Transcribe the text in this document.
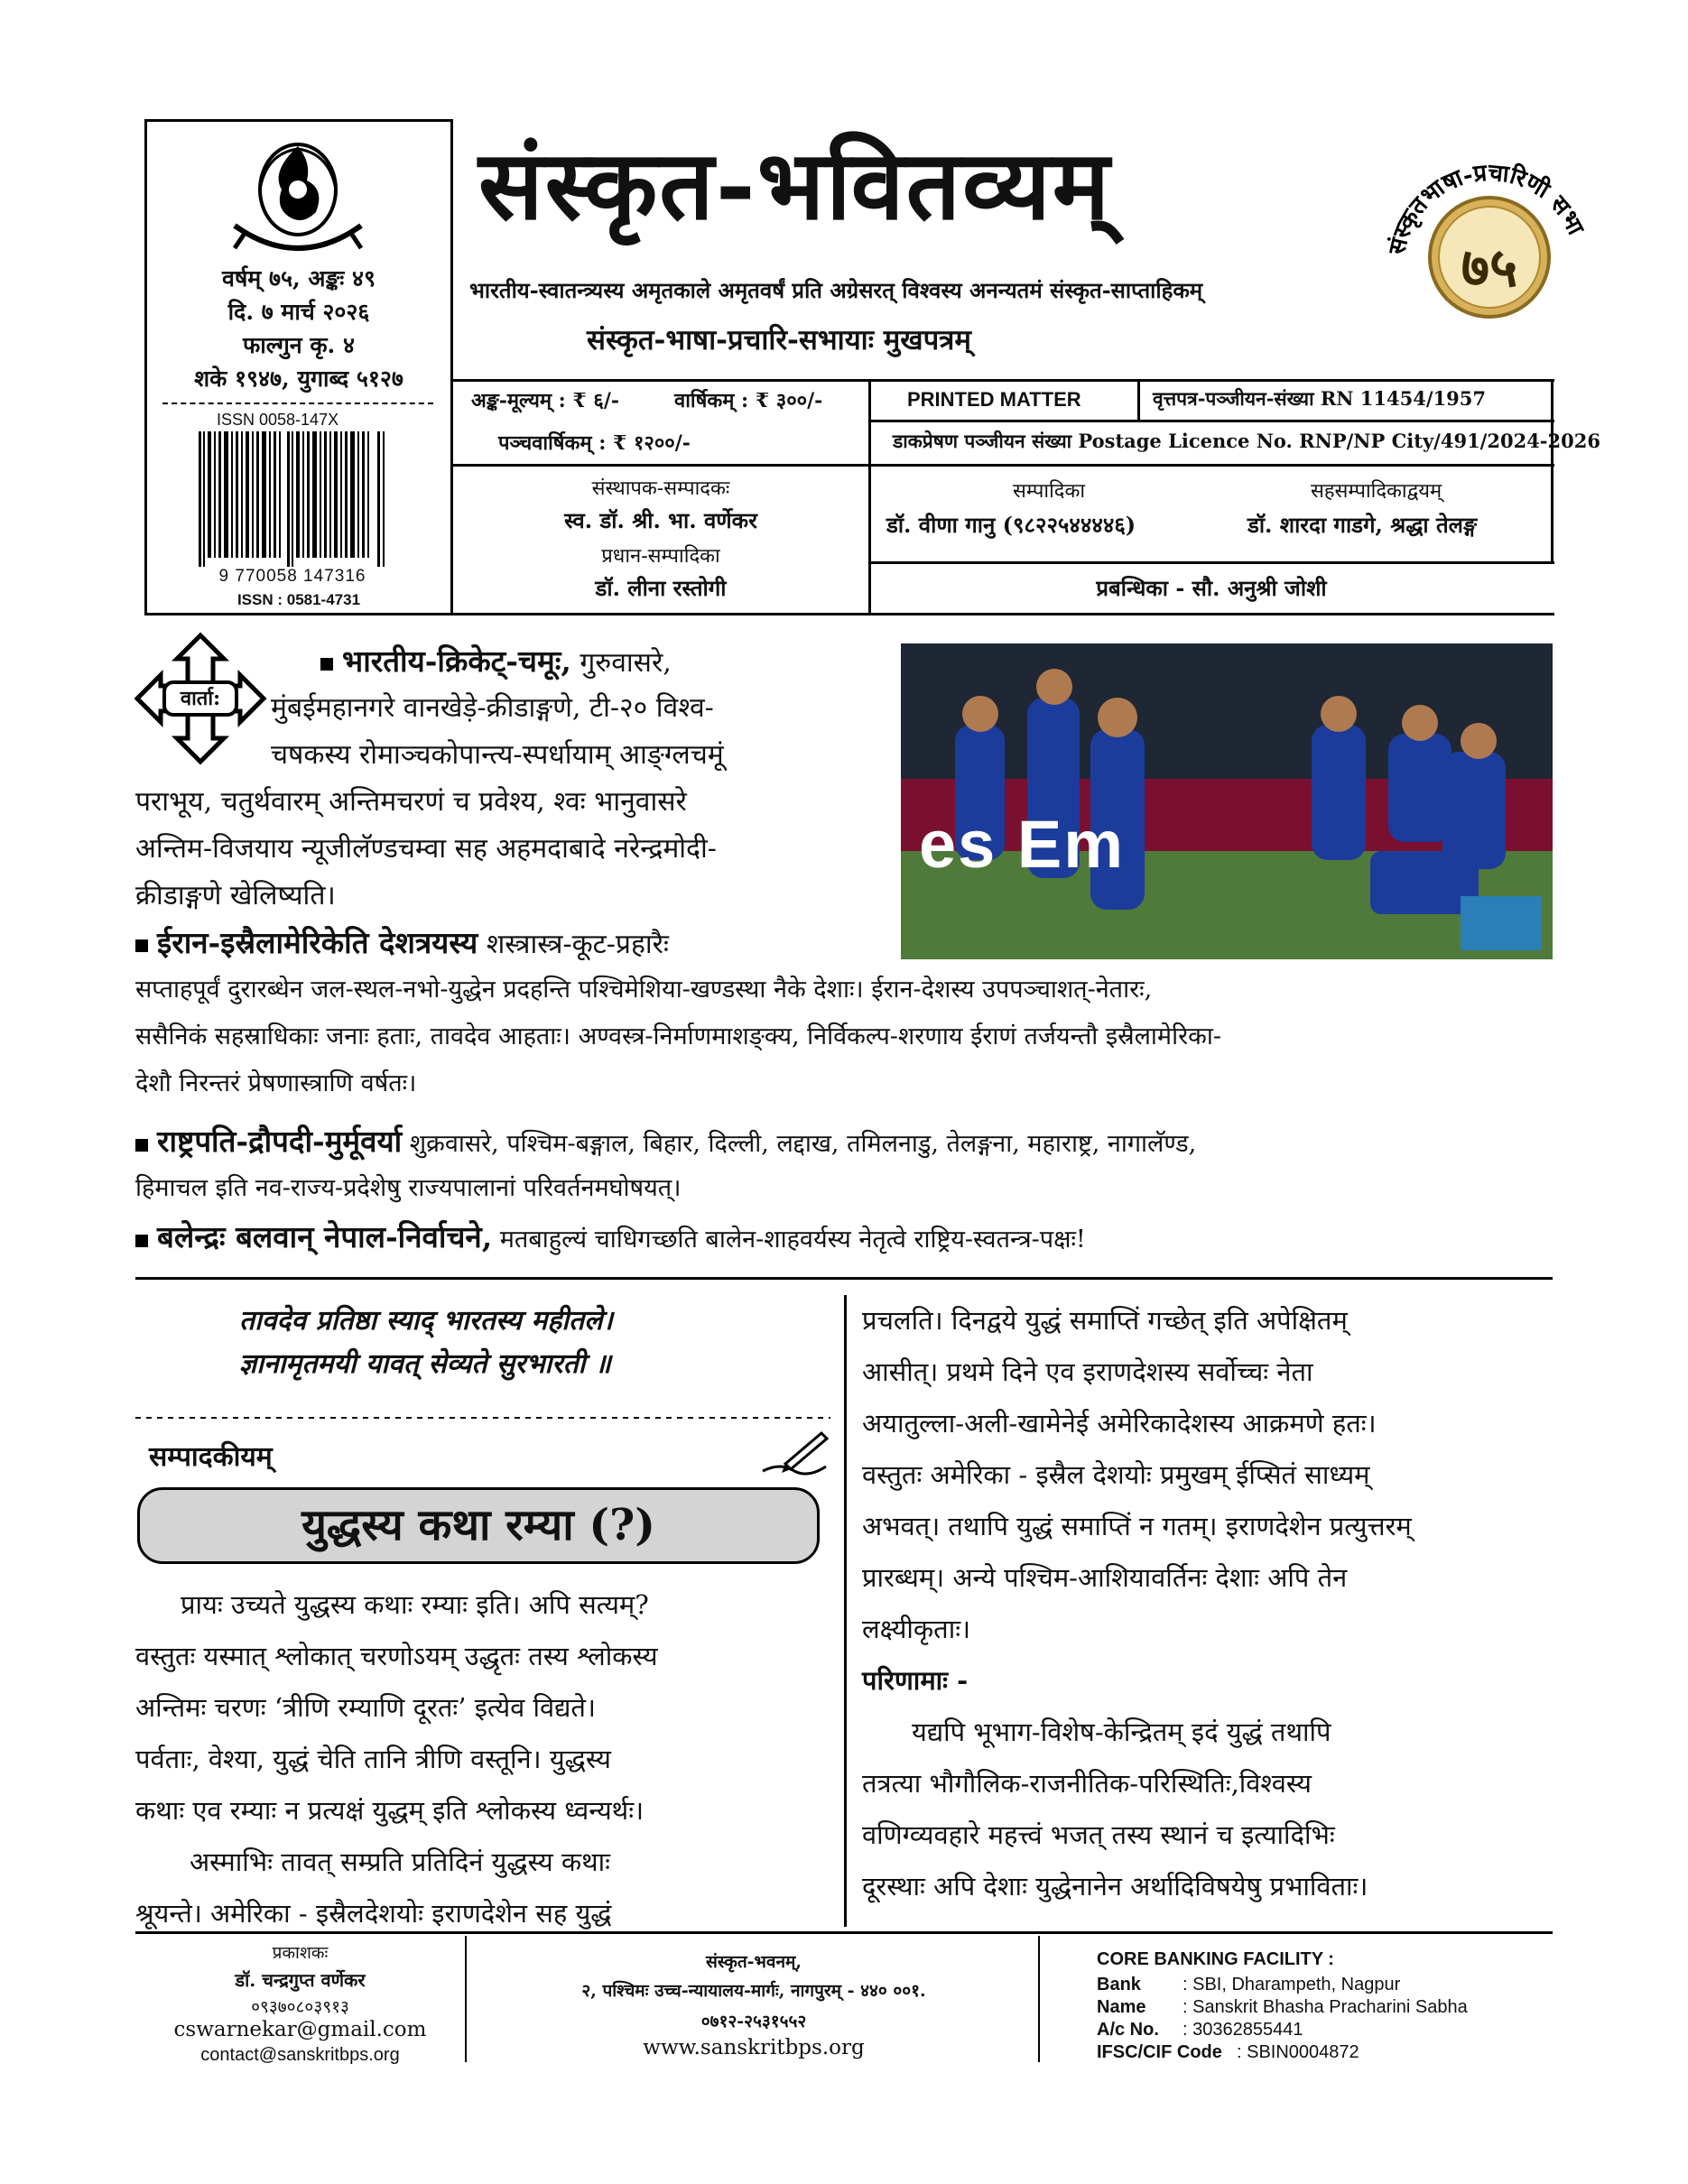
वर्षम् ७५, अङ्कः ४९
दि. ७ मार्च २०२६
फाल्गुन कृ. ४
शके १९४७, युगाब्द ५१२७
ISSN 0058-147X
9 770058 147316
ISSN : 0581-4731
संस्कृत-भवितव्यम्
भारतीय-स्वातन्त्र्यस्य अमृतकाले अमृतवर्षं प्रति अग्रेसरत् विश्वस्य अनन्यतमं संस्कृत-साप्ताहिकम्
संस्कृत-भाषा-प्रचारि-सभायाः मुखपत्रम्
संस्कृतभाषा-प्रचारिणी सभा
७५
अङ्क-मूल्यम् : ₹ ६/-	वार्षिकम् : ₹ ३००/-
पञ्चवार्षिकम् : ₹ १२००/-
PRINTED MATTER	वृत्तपत्र-पञ्जीयन-संख्या RN 11454/1957
डाकप्रेषण पञ्जीयन संख्या Postage Licence No. RNP/NP City/491/2024-2026
संस्थापक-सम्पादकः
स्व. डॉ. श्री. भा. वर्णेकर
प्रधान-सम्पादिका
डॉ. लीना रस्तोगी
सम्पादिका
डॉ. वीणा गानु (९८२२५४४४४६)
सहसम्पादिकाद्वयम्
डॉ. शारदा गाडगे, श्रद्धा तेलङ्ग
प्रबन्धिका - सौ. अनुश्री जोशी
वार्ता:
es Em
भारतीय-क्रिकेट्-चमूः, गुरुवासरे,
मुंबईमहानगरे वानखेड़े-क्रीडाङ्गणे, टी-२० विश्व-
चषकस्य रोमाञ्चकोपान्त्य-स्पर्धायाम् आङ्ग्लचमूं
पराभूय, चतुर्थवारम् अन्तिमचरणं च प्रवेश्य, श्वः भानुवासरे
अन्तिम-विजयाय न्यूजीलॅण्डचम्वा सह अहमदाबादे नरेन्द्रमोदी-
क्रीडाङ्गणे खेलिष्यति।
ईरान-इस्रैलामेरिकेति देशत्रयस्य शस्त्रास्त्र-कूट-प्रहारैः
सप्ताहपूर्वं दुरारब्धेन जल-स्थल-नभो-युद्धेन प्रदहन्ति पश्चिमेशिया-खण्डस्था नैके देशाः। ईरान-देशस्य उपपञ्चाशत्-नेतारः,
ससैनिकं सहस्राधिकाः जनाः हताः, तावदेव आहताः। अण्वस्त्र-निर्माणमाशङ्क्य, निर्विकल्प-शरणाय ईराणं तर्जयन्तौ इस्रैलामेरिका-
देशौ निरन्तरं प्रेषणास्त्राणि वर्षतः।
राष्ट्रपति-द्रौपदी-मुर्मूवर्या शुक्रवासरे, पश्चिम-बङ्गाल, बिहार, दिल्ली, लद्दाख, तमिलनाडु, तेलङ्गना, महाराष्ट्र, नागालॅण्ड,
हिमाचल इति नव-राज्य-प्रदेशेषु राज्यपालानां परिवर्तनमघोषयत्।
बलेन्द्रः बलवान् नेपाल-निर्वाचने, मतबाहुल्यं चाधिगच्छति बालेन-शाहवर्यस्य नेतृत्वे राष्ट्रिय-स्वतन्त्र-पक्षः!
तावदेव प्रतिष्ठा स्याद् भारतस्य महीतले।
ज्ञानामृतमयी यावत् सेव्यते सुरभारती ॥
सम्पादकीयम्
युद्धस्य कथा रम्या (?)
प्रायः उच्यते युद्धस्य कथाः रम्याः इति। अपि सत्यम्?
वस्तुतः यस्मात् श्लोकात् चरणोऽयम् उद्धृतः तस्य श्लोकस्य
अन्तिमः चरणः ‘त्रीणि रम्याणि दूरतः’ इत्येव विद्यते।
पर्वताः, वेश्या, युद्धं चेति तानि त्रीणि वस्तूनि। युद्धस्य
कथाः एव रम्याः न प्रत्यक्षं युद्धम् इति श्लोकस्य ध्वन्यर्थः।
अस्माभिः तावत् सम्प्रति प्रतिदिनं युद्धस्य कथाः
श्रूयन्ते। अमेरिका - इस्रैलदेशयोः इराणदेशेन सह युद्धं
प्रचलति। दिनद्वये युद्धं समाप्तिं गच्छेत् इति अपेक्षितम्
आसीत्। प्रथमे दिने एव इराणदेशस्य सर्वोच्चः नेता
अयातुल्ला-अली-खामेनेई अमेरिकादेशस्य आक्रमणे हतः।
वस्तुतः अमेरिका - इस्रैल देशयोः प्रमुखम् ईप्सितं साध्यम्
अभवत्। तथापि युद्धं समाप्तिं न गतम्। इराणदेशेन प्रत्युत्तरम्
प्रारब्धम्। अन्ये पश्चिम-आशियावर्तिनः देशाः अपि तेन
लक्ष्यीकृताः।
परिणामाः -
यद्यपि भूभाग-विशेष-केन्द्रितम् इदं युद्धं तथापि
तत्रत्या भौगौलिक-राजनीतिक-परिस्थितिः,विश्वस्य
वणिग्व्यवहारे महत्त्वं भजत् तस्य स्थानं च इत्यादिभिः
दूरस्थाः अपि देशाः युद्धेनानेन अर्थादिविषयेषु प्रभाविताः।
प्रकाशकः
डॉ. चन्द्रगुप्त वर्णेकर
०९३७०८०३९१३
cswarnekar@gmail.com
contact@sanskritbps.org
संस्कृत-भवनम्,
२, पश्चिमः उच्च-न्यायालय-मार्गः, नागपुरम् - ४४० ००१.
०७१२-२५३१५५२
www.sanskritbps.org
CORE BANKING FACILITY :
Bank : SBI, Dharampeth, Nagpur
Name : Sanskrit Bhasha Pracharini Sabha
A/c No. : 30362855441
IFSC/CIF Code : SBIN0004872
